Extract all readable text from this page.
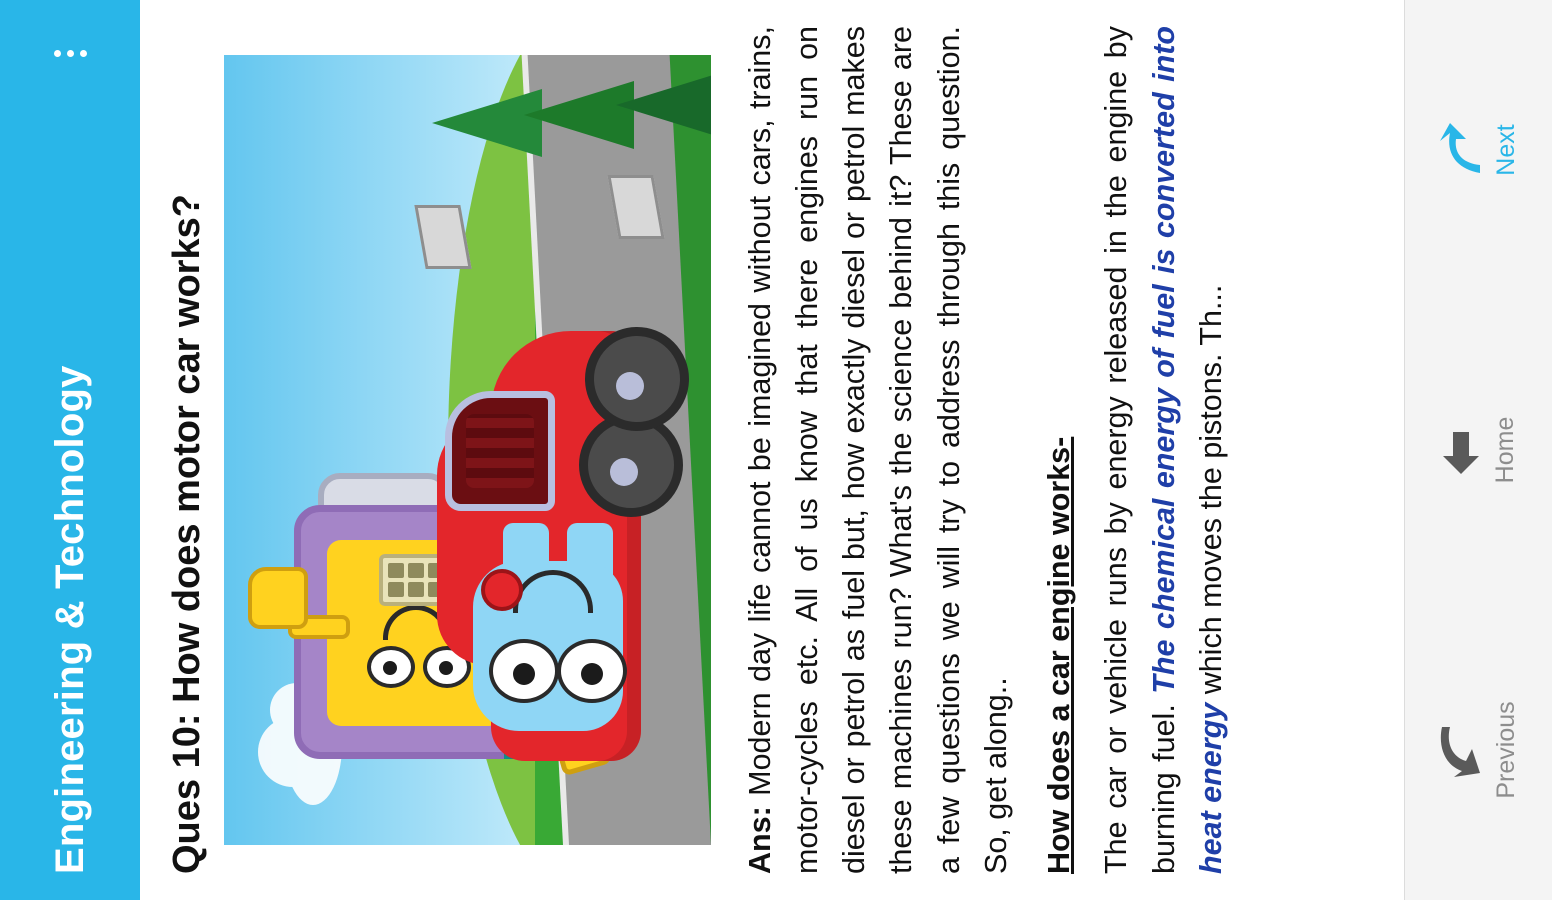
Engineering & Technology Ques 10: How does motor car works?	Ans: Modern day life cannot be imagined without cars, trains, motor-cycles etc. All of us know that there engines run on diesel or petrol as fuel but, how exactly diesel or petrol makes these machines run? What's the science behind it? These are a few questions we will try to address through this question. So, get along.. How does a car engine works- The car or vehicle runs by energy released in the engine by burning fuel. The chemical energy of fuel is converted into heat energy which moves the pistons. Th...

Previous
Home
Next
